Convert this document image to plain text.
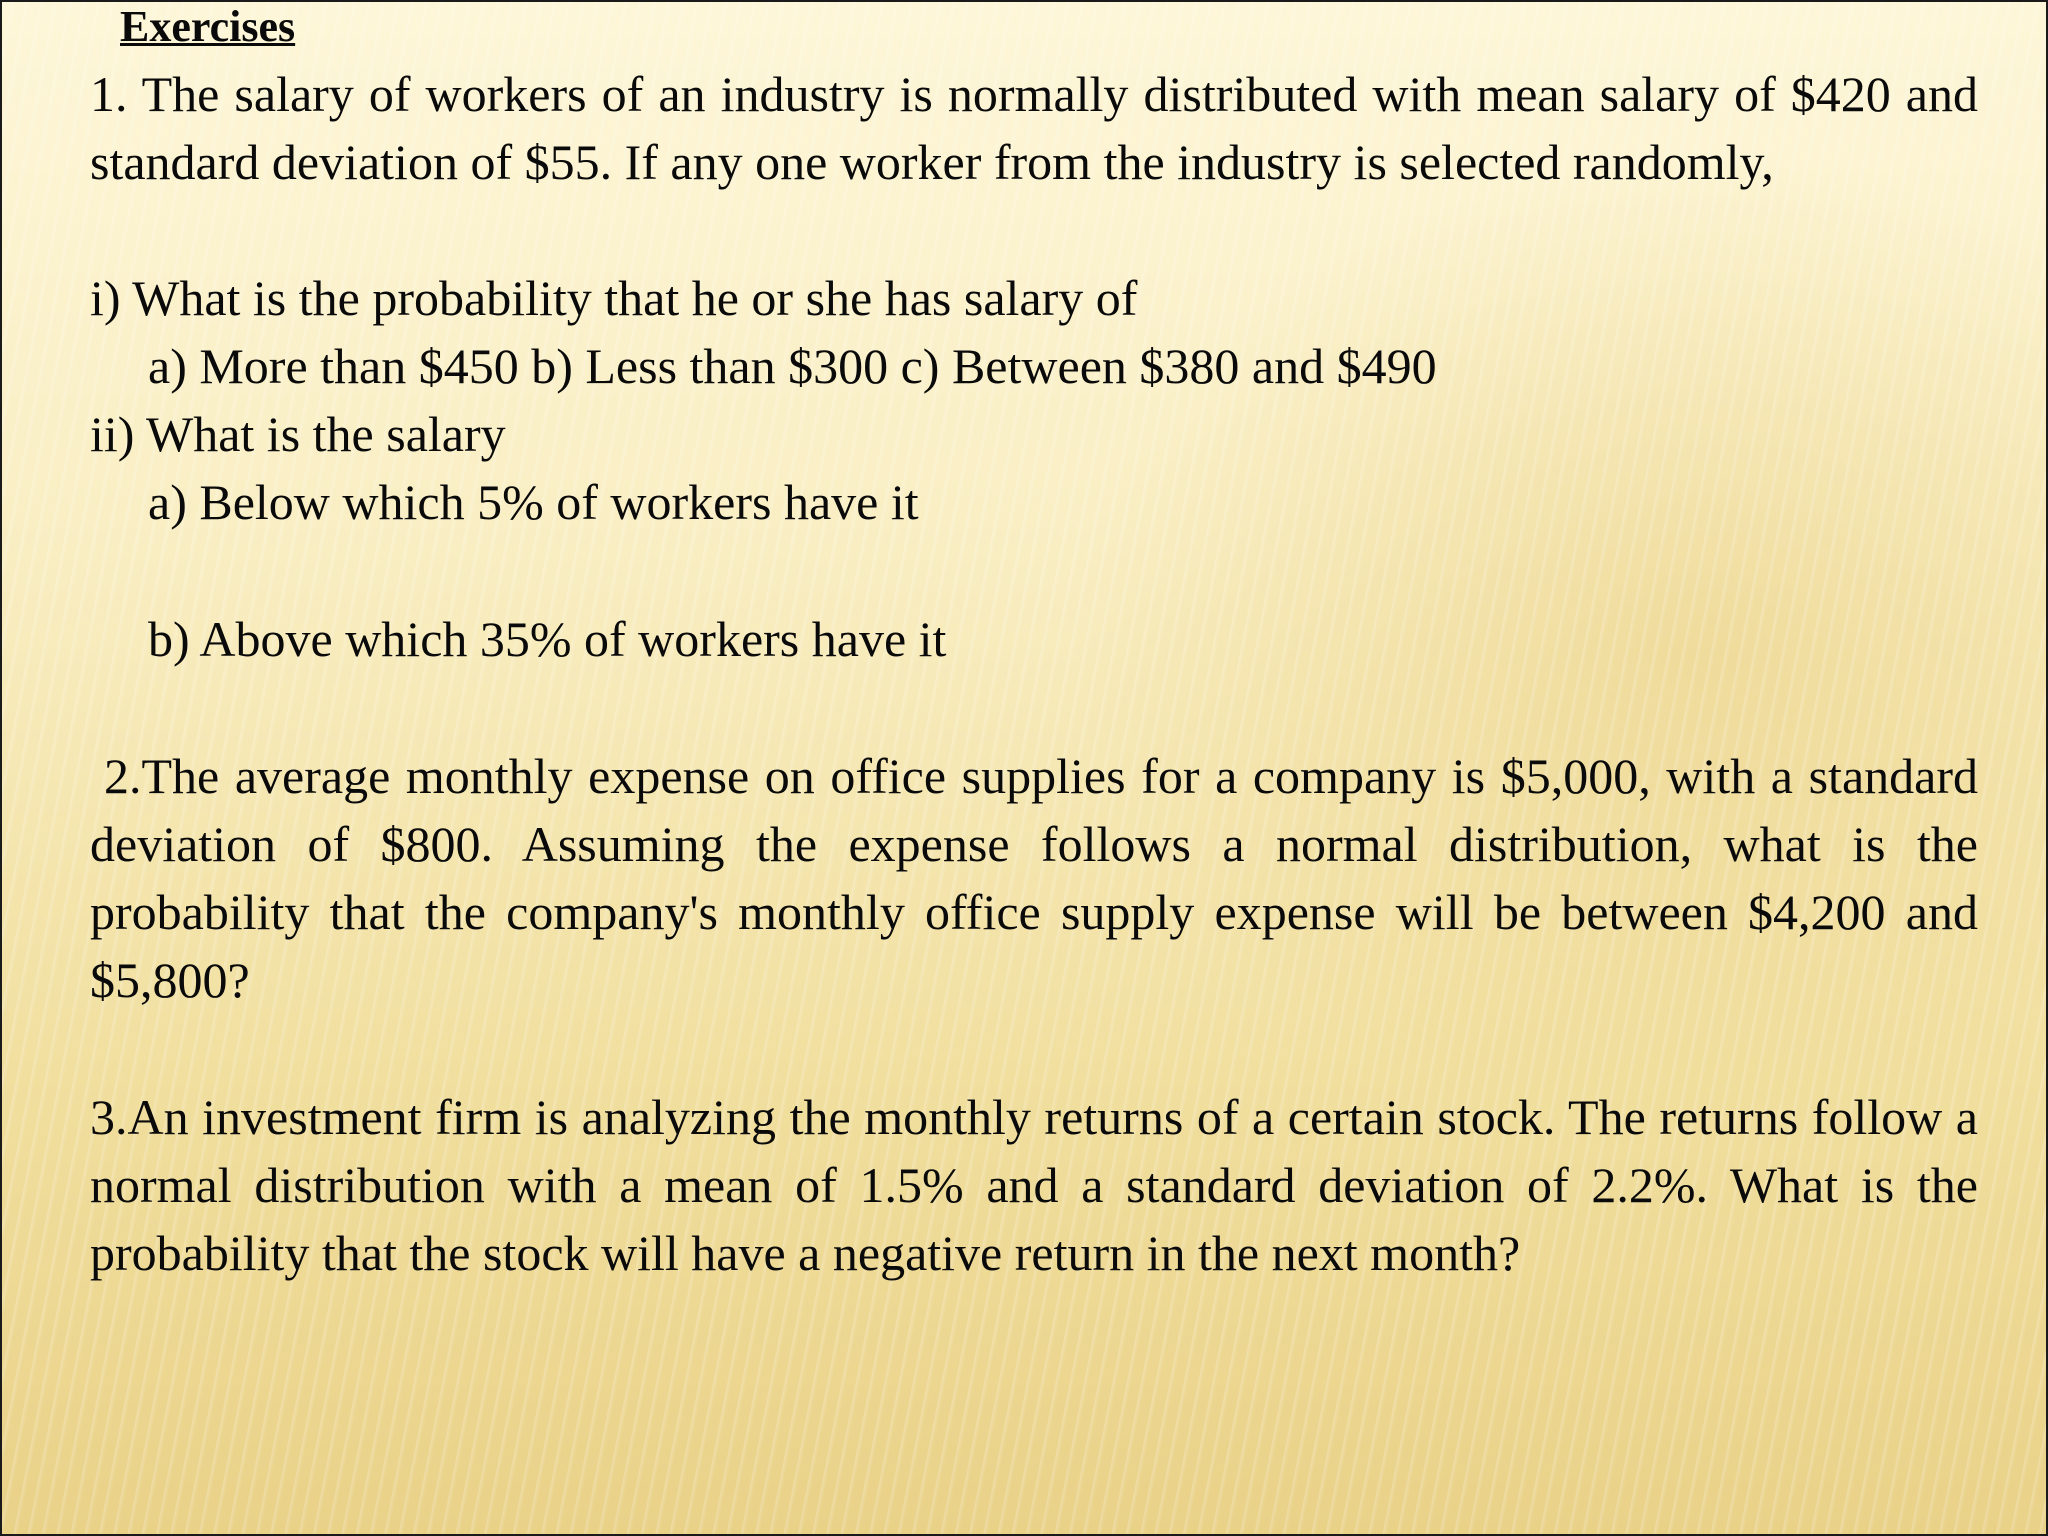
Exercises
1. The salary of workers of an industry is normally distributed with mean salary of $420 and standard deviation of $55. If any one worker from the industry is selected randomly,
i) What is the probability that he or she has salary of
a) More than $450 b) Less than $300 c) Between $380 and $490
ii) What is the salary
a) Below which 5% of workers have it
b) Above which 35% of workers have it
2.The average monthly expense on office supplies for a company is $5,000, with a standard deviation of $800. Assuming the expense follows a normal distribution, what is the probability that the company's monthly office supply expense will be between $4,200 and $5,800?
3.An investment firm is analyzing the monthly returns of a certain stock. The returns follow a normal distribution with a mean of 1.5% and a standard deviation of 2.2%. What is the probability that the stock will have a negative return in the next month?
